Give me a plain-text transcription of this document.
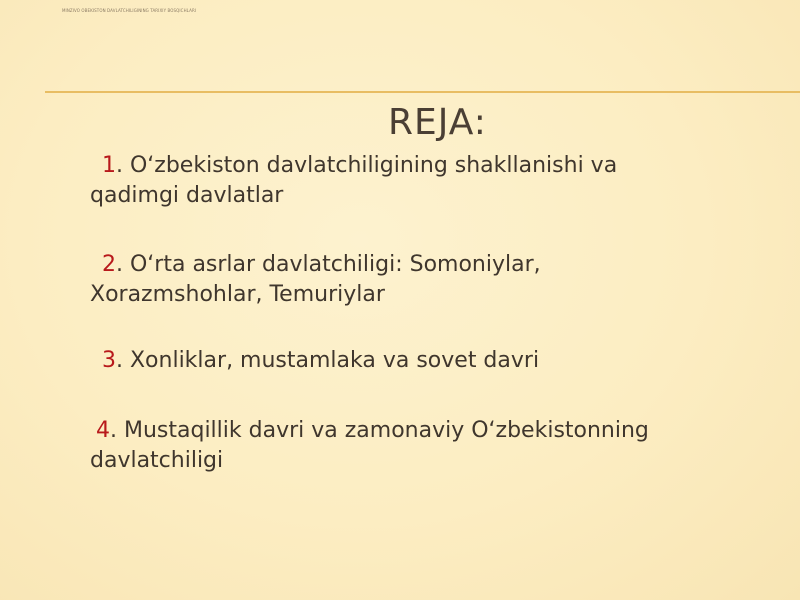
MINZIVO OBEKISTON DAVLATCHILIGINING TARIXIY BOSQICHLARI
REJA:
1. O‘zbekiston davlatchiligining shakllanishi va qadimgi davlatlar
2. O‘rta asrlar davlatchiligi: Somoniylar, Xorazmshohlar, Temuriylar
3. Xonliklar, mustamlaka va sovet davri
4. Mustaqillik davri va zamonaviy O‘zbekistonning davlatchiligi
